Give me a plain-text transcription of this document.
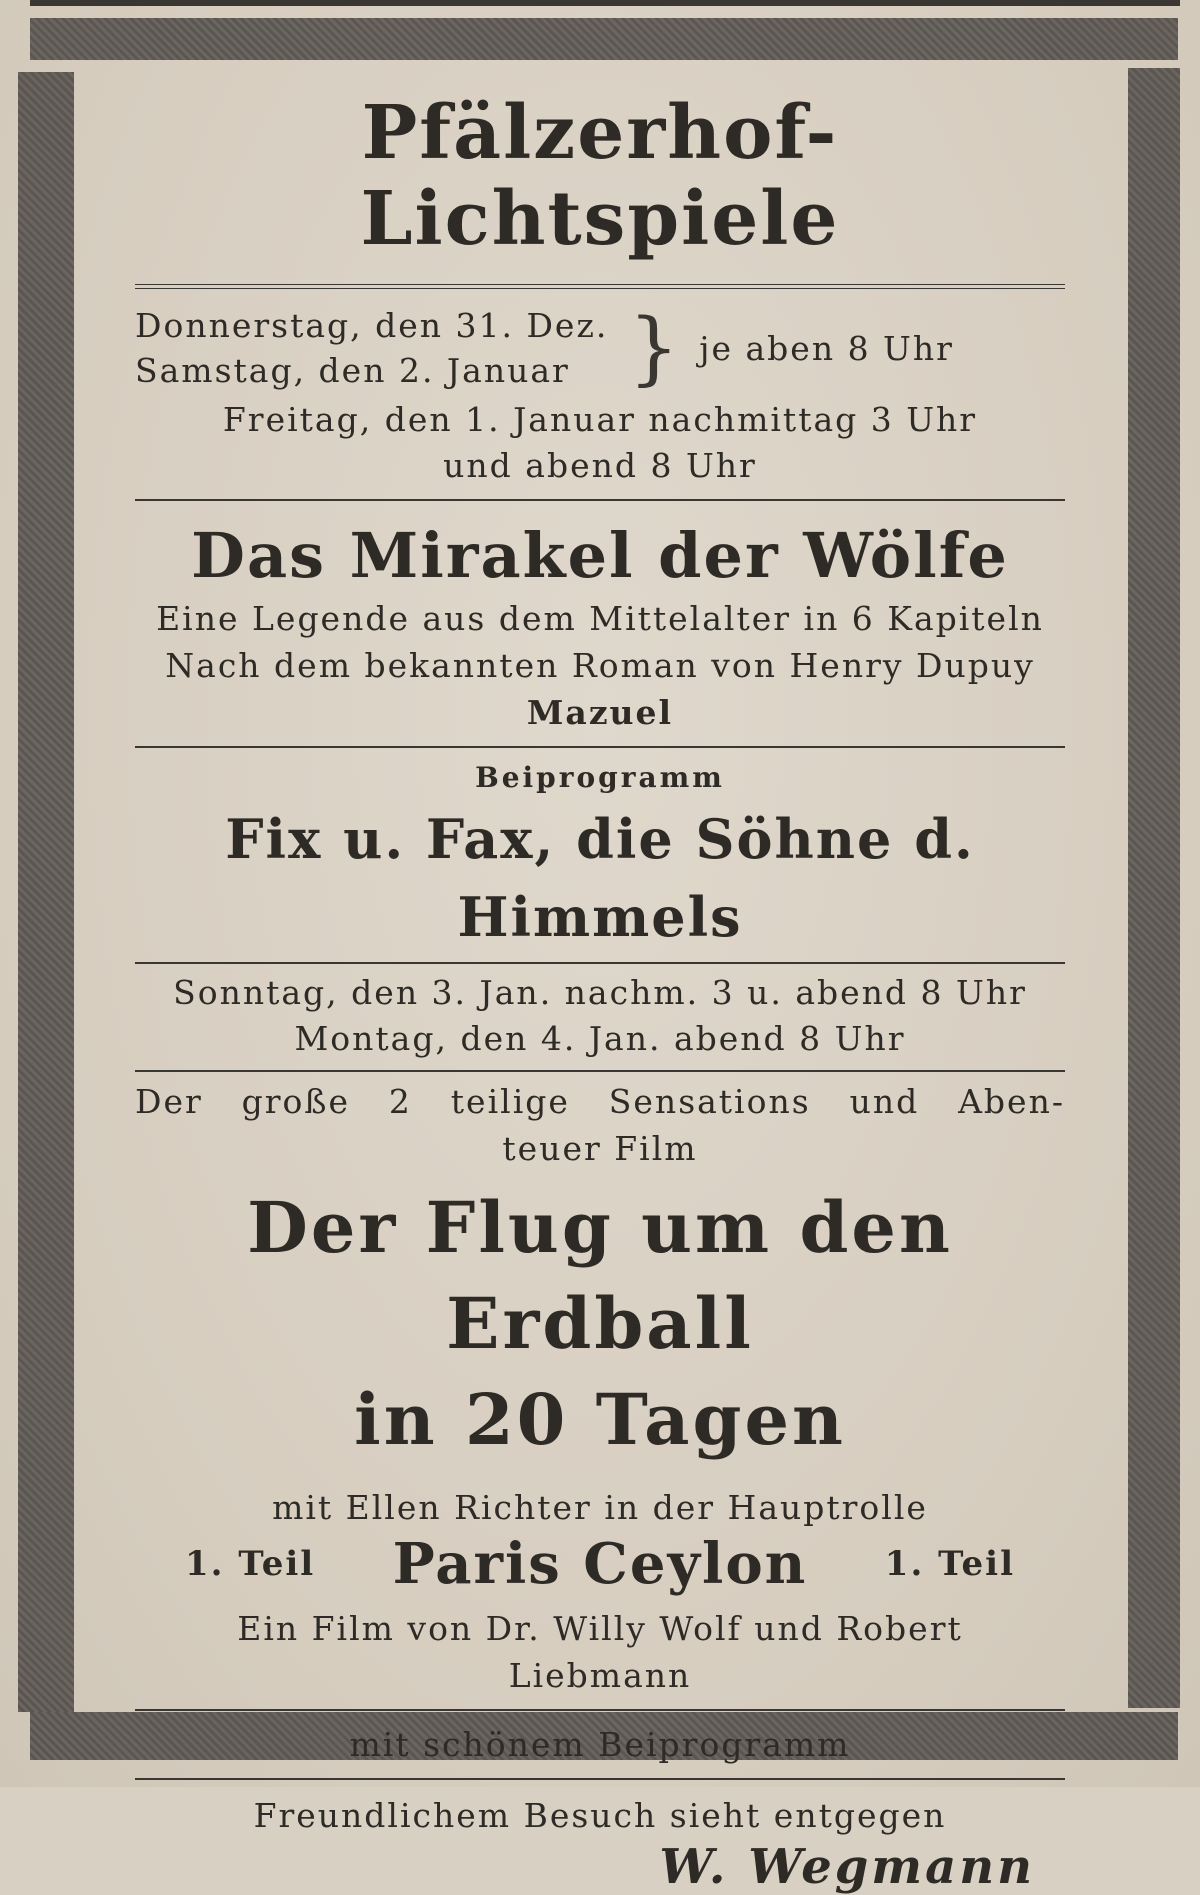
Pfälzerhof-Lichtspiele
Donnerstag, den 31. Dez.
Samstag, den 2. Januar } je aben 8 Uhr
Freitag, den 1. Januar nachmittag 3 Uhr
und abend 8 Uhr
Das Mirakel der Wölfe
Eine Legende aus dem Mittelalter in 6 Kapiteln
Nach dem bekannten Roman von Henry Dupuy
Mazuel
Beiprogramm
Fix u. Fax, die Söhne d. Himmels
Sonntag, den 3. Jan. nachm. 3 u. abend 8 Uhr
Montag, den 4. Jan. abend 8 Uhr
Der große 2 teilige Sensations und Aben-
teuer Film
Der Flug um den Erdball
in 20 Tagen
mit Ellen Richter in der Hauptrolle
1. Teil Paris Ceylon 1. Teil
Ein Film von Dr. Willy Wolf und Robert
Liebmann
mit schönem Beiprogramm
Freundlichem Besuch sieht entgegen
W. Wegmann
